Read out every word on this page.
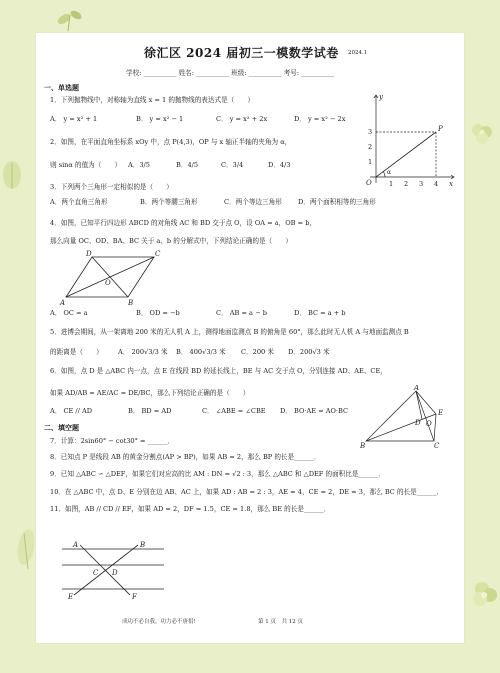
徐汇区 2024 届初三一模数学试卷 2024.1
学校: __________ 姓名: __________ 班级: __________ 考号: __________
一、单选题
1．下列抛物线中，对称轴为直线 x = 1 的抛物线的表达式是（　　）
A． y = x² + 1	B． y = x² − 1	C． y = x² + 2x	D． y = x² − 2x
2．如图，在平面直角坐标系 xOy 中，点 P(4,3)，OP 与 x 轴正半轴的夹角为 α，
则 sinα 的值为（　　） A．3/5	B．4/5	C．3/4	D．4/3
3．下列两个三角形一定相似的是（　　）
A．两个直角三角形	B．两个等腰三角形	C．两个等边三角形 D．两个面积相等的三角形
4．如图，已知平行四边形 ABCD 的对角线 AC 和 BD 交于点 O，设 OA = a，OB = b，
那么向量 OC、OD、BA、BC 关于 a、b 的分解式中，下列结论正确的是（　　）
A． OC = a	B． OD = −b	C． AB = a − b	D． BC = a + b
5．进博会期间，从一架离地 200 米的无人机 A 上，测得地面监测点 B 的俯角是 60°，那么此时无人机 A 与地面监测点 B
的距离是（　　） A． 200√3/3 米 B． 400√3/3 米 C．200 米 D．200√3 米
6．如图，点 D 是 △ABC 内一点，点 E 在线段 BD 的延长线上，BE 与 AC 交于点 O，分别连接 AD、AE、CE，
如果 AD/AB = AE/AC = DE/BC，那么下列结论正确的是（　　）
A． CE // AD	B． BD = AD	C． ∠ABE = ∠CBE D． BO·AE = AO·BC
二、填空题
7．计算：2sin60° − cot30° = ______．
8．已知点 P 是线段 AB 的黄金分割点(AP > BP)，如果 AB = 2，那么 BP 的长是______．
9．已知 △ABC ∽ △DEF，如果它们对应高的比 AM : DN = √2 : 3，那么 △ABC 和 △DEF 的面积比是______．
10．在 △ABC 中，点 D、E 分别在边 AB、AC 上，如果 AD : AB = 2 : 3，AE = 4，CE = 2，DE = 3，那么 BC 的长是______．
11．如图，AB // CD // EF，如果 AD = 2，DF = 1.5，CE = 1.8，那么 BE 的长是______．
y
x
O
P
α
1 2 3 4
1
2
3
D	C
O
A	B
A
B	C
D O
E
A	B
C D
E	F
成功不必自我，功力必不唐捐!	第 1 页　共 12 页
